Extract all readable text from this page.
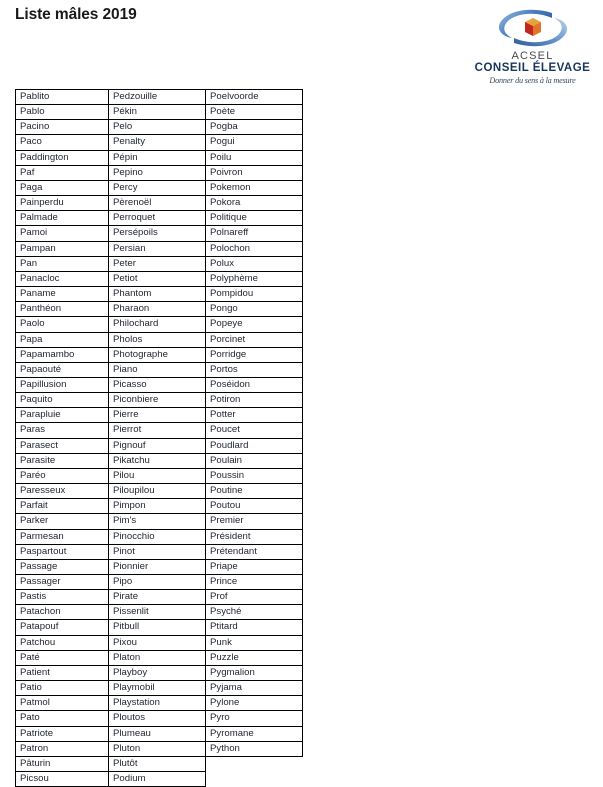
Liste mâles 2019
ACSEL
CONSEIL ÉLEVAGE
Donner du sens à la mesure
Pablito	Pedzouille	Poelvoorde
Pablo	Pékin	Poète
Pacino	Pelo	Pogba
Paco	Penalty	Pogui
Paddington	Pépin	Poilu
Paf	Pepino	Poivron
Paga	Percy	Pokemon
Painperdu	Pèrenoël	Pokora
Palmade	Perroquet	Politique
Pamoi	Persépoils	Polnareff
Pampan	Persian	Polochon
Pan	Peter	Polux
Panacloc	Petiot	Polyphème
Paname	Phantom	Pompidou
Panthéon	Pharaon	Pongo
Paolo	Philochard	Popeye
Papa	Pholos	Porcinet
Papamambo	Photographe	Porridge
Papaouté	Piano	Portos
Papillusion	Picasso	Poséidon
Paquito	Piconbiere	Potiron
Parapluie	Pierre	Potter
Paras	Pierrot	Poucet
Parasect	Pignouf	Poudlard
Parasite	Pikatchu	Poulain
Paréo	Pilou	Poussin
Paresseux	Piloupilou	Poutine
Parfait	Pimpon	Poutou
Parker	Pim's	Premier
Parmesan	Pinocchio	Président
Paspartout	Pinot	Prétendant
Passage	Pionnier	Priape
Passager	Pipo	Prince
Pastis	Pirate	Prof
Patachon	Pissenlit	Psyché
Patapouf	Pitbull	Ptitard
Patchou	Pixou	Punk
Paté	Platon	Puzzle
Patient	Playboy	Pygmalion
Patio	Playmobil	Pyjama
Patmol	Playstation	Pylone
Pato	Ploutos	Pyro
Patriote	Plumeau	Pyromane
Patron	Pluton	Python
Pâturin	Plutôt	
Picsou	Podium	
